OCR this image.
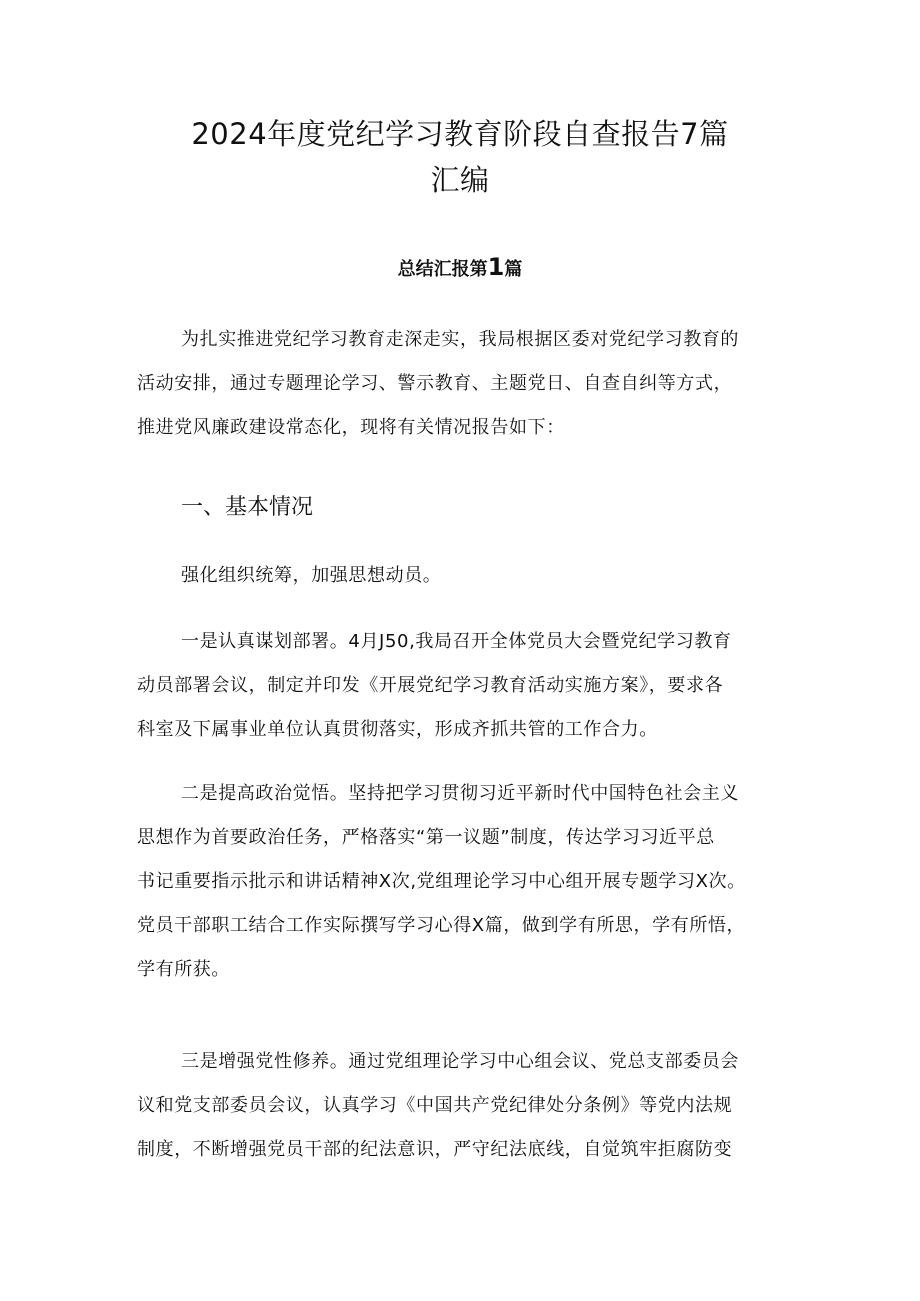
2024年度党纪学习教育阶段自查报告7篇
汇编
总结汇报第1篇

为扎实推进党纪学习教育走深走实，我局根据区委对党纪学习教育的
活动安排，通过专题理论学习、警示教育、主题党日、自查自纠等方式，
推进党风廉政建设常态化，现将有关情况报告如下：

一、基本情况

强化组织统筹，加强思想动员。

一是认真谋划部署。4月J50,我局召开全体党员大会暨党纪学习教育
动员部署会议，制定并印发《开展党纪学习教育活动实施方案》，要求各
科室及下属事业单位认真贯彻落实，形成齐抓共管的工作合力。

二是提高政治觉悟。坚持把学习贯彻习近平新时代中国特色社会主义
思想作为首要政治任务，严格落实“第一议题”制度，传达学习习近平总
书记重要指示批示和讲话精神X次,党组理论学习中心组开展专题学习X次。
党员干部职工结合工作实际撰写学习心得X篇，做到学有所思，学有所悟，
学有所获。

三是增强党性修养。通过党组理论学习中心组会议、党总支部委员会
议和党支部委员会议，认真学习《中国共产党纪律处分条例》等党内法规
制度，不断增强党员干部的纪法意识，严守纪法底线，自觉筑牢拒腐防变
